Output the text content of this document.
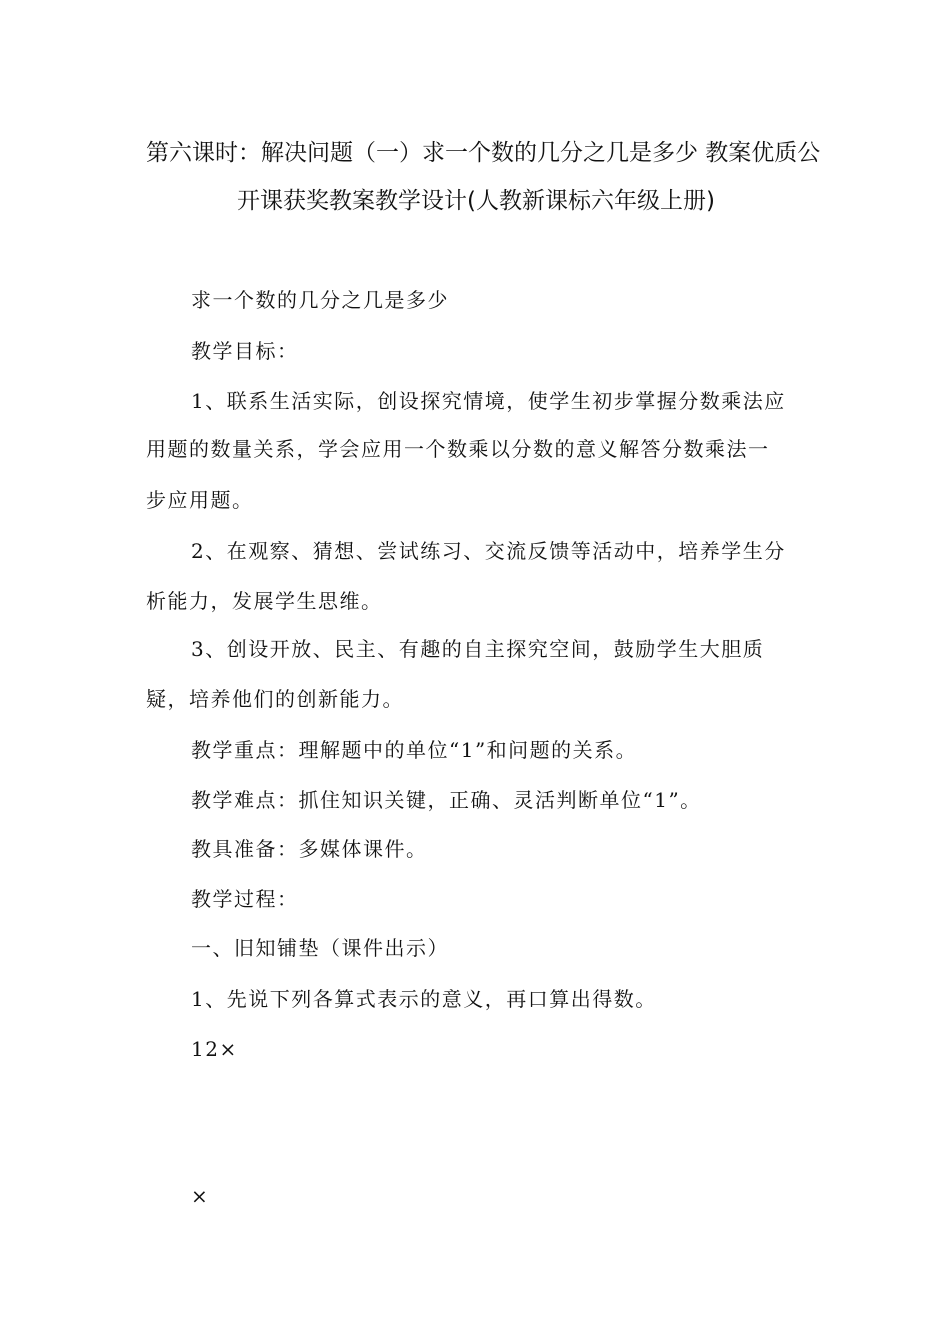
第六课时：解决问题（一）求一个数的几分之几是多少 教案优质公
开课获奖教案教学设计(人教新课标六年级上册)
求一个数的几分之几是多少
教学目标：
1、联系生活实际，创设探究情境，使学生初步掌握分数乘法应
用题的数量关系，学会应用一个数乘以分数的意义解答分数乘法一
步应用题。
2、在观察、猜想、尝试练习、交流反馈等活动中，培养学生分
析能力，发展学生思维。
3、创设开放、民主、有趣的自主探究空间，鼓励学生大胆质
疑，培养他们的创新能力。
教学重点：理解题中的单位“1”和问题的关系。
教学难点：抓住知识关键，正确、灵活判断单位“1”。
教具准备：多媒体课件。
教学过程：
一、旧知铺垫（课件出示）
1、先说下列各算式表示的意义，再口算出得数。
12×
×
